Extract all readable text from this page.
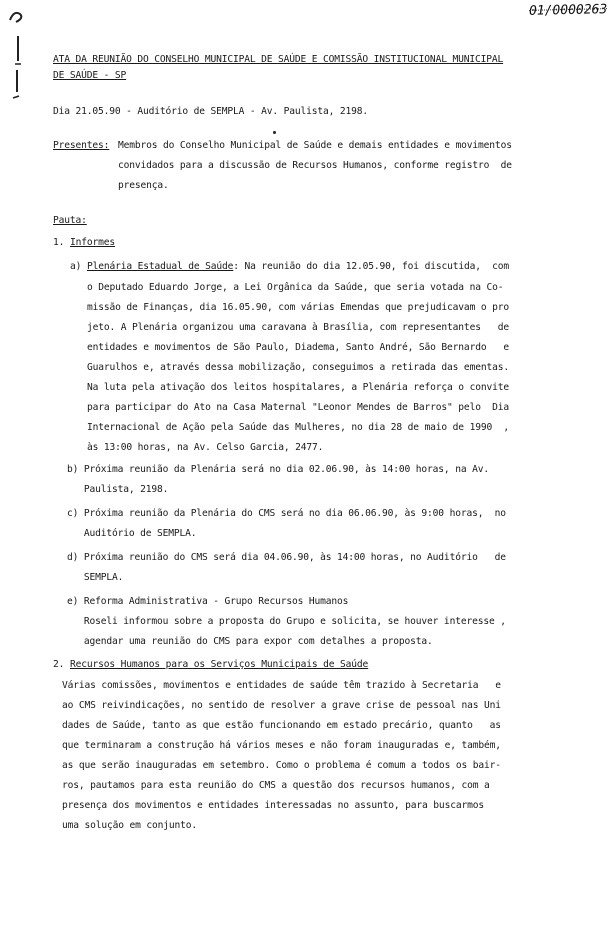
01/0000263
ATA DA REUNIÃO DO CONSELHO MUNICIPAL DE SAÚDE E COMISSÃO INSTITUCIONAL MUNICIPAL
DE SAÚDE - SP
Dia 21.05.90 - Auditório de SEMPLA - Av. Paulista, 2198.
Presentes: Membros do Conselho Municipal de Saúde e demais entidades e movimentos
convidados para a discussão de Recursos Humanos, conforme registro  de
presença.
Pauta:
1. Informes
a) Plenária Estadual de Saúde: Na reunião do dia 12.05.90, foi discutida,  com
o Deputado Eduardo Jorge, a Lei Orgânica da Saúde, que seria votada na Co-
missão de Finanças, dia 16.05.90, com várias Emendas que prejudicavam o pro
jeto. A Plenária organizou uma caravana à Brasília, com representantes   de
entidades e movimentos de São Paulo, Diadema, Santo André, São Bernardo   e
Guarulhos e, através dessa mobilização, conseguimos a retirada das ementas.
Na luta pela ativação dos leitos hospitalares, a Plenária reforça o convite
para participar do Ato na Casa Maternal "Leonor Mendes de Barros" pelo  Dia
Internacional de Ação pela Saúde das Mulheres, no dia 28 de maio de 1990  ,
às 13:00 horas, na Av. Celso Garcia, 2477.
b) Próxima reunião da Plenária será no dia 02.06.90, às 14:00 horas, na Av.
Paulista, 2198.
c) Próxima reunião da Plenária do CMS será no dia 06.06.90, às 9:00 horas,  no
Auditório de SEMPLA.
d) Próxima reunião do CMS será dia 04.06.90, às 14:00 horas, no Auditório   de
SEMPLA.
e) Reforma Administrativa - Grupo Recursos Humanos
Roseli informou sobre a proposta do Grupo e solicita, se houver interesse ,
agendar uma reunião do CMS para expor com detalhes a proposta.
2. Recursos Humanos para os Serviços Municipais de Saúde
Várias comissões, movimentos e entidades de saúde têm trazido à Secretaria   e
ao CMS reivindicações, no sentido de resolver a grave crise de pessoal nas Uni
dades de Saúde, tanto as que estão funcionando em estado precário, quanto   as
que terminaram a construção há vários meses e não foram inauguradas e, também,
as que serão inauguradas em setembro. Como o problema é comum a todos os bair-
ros, pautamos para esta reunião do CMS a questão dos recursos humanos, com a
presença dos movimentos e entidades interessadas no assunto, para buscarmos
uma solução em conjunto.
